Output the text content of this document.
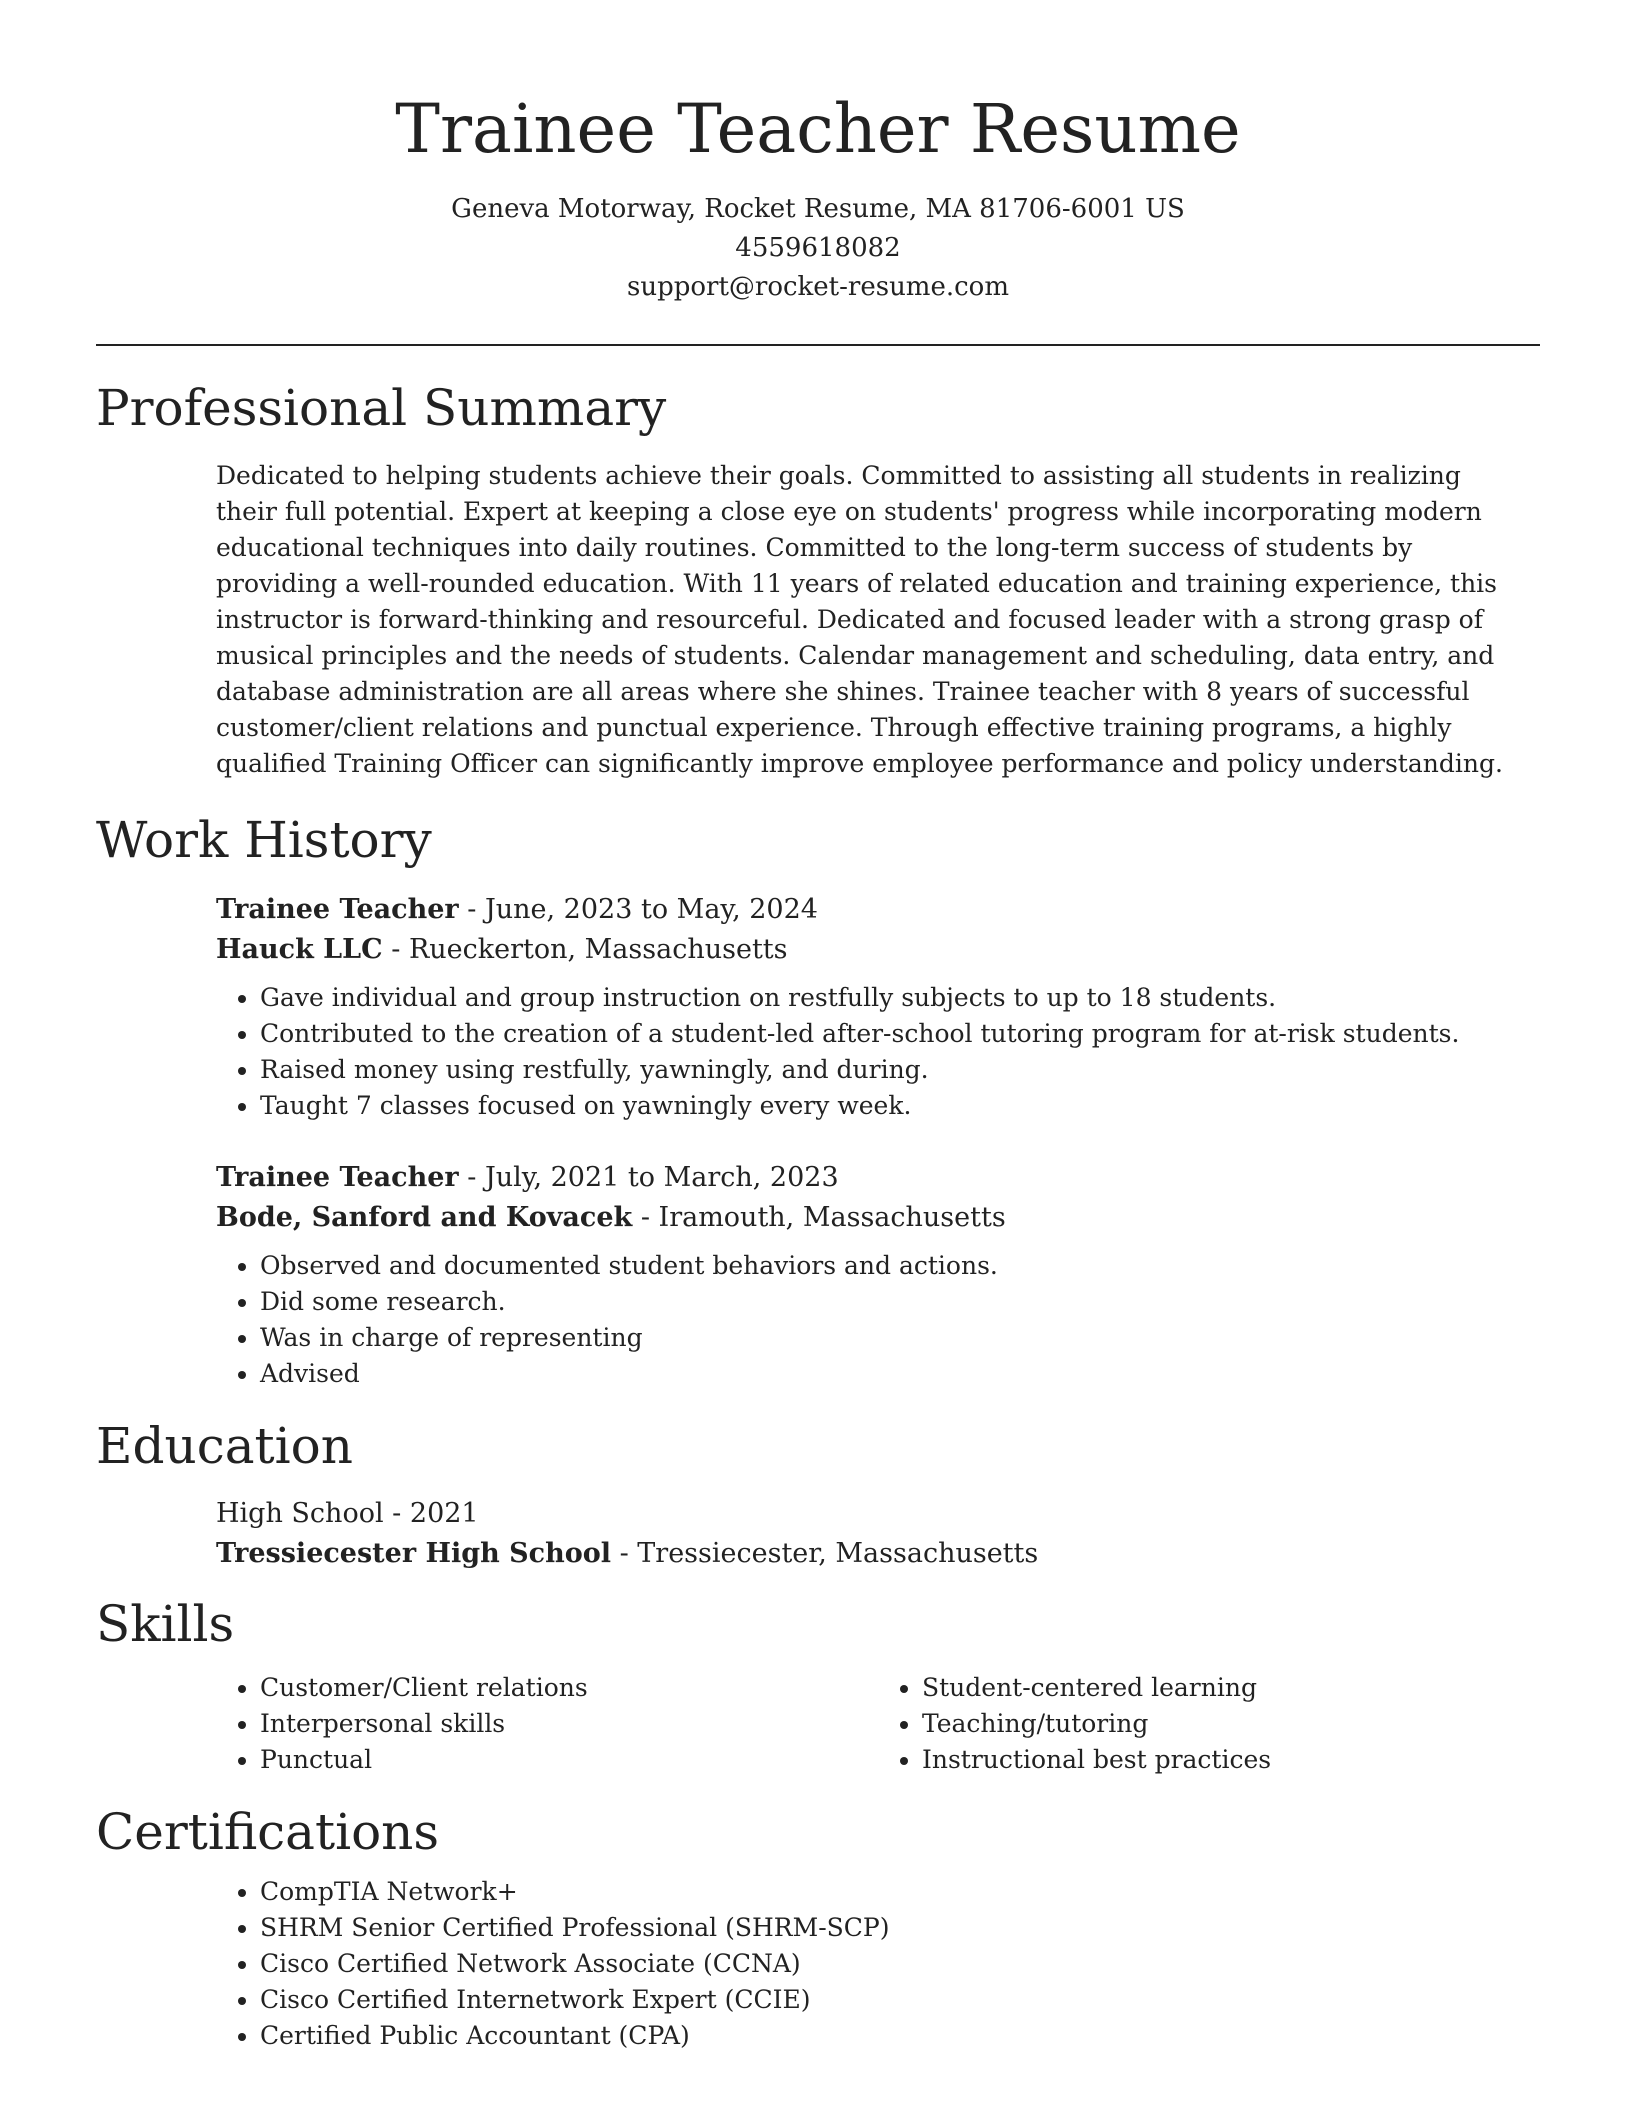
Trainee Teacher Resume
Geneva Motorway, Rocket Resume, MA 81706-6001 US
4559618082
support@rocket-resume.com
Professional Summary
Dedicated to helping students achieve their goals. Committed to assisting all students in realizing their full potential. Expert at keeping a close eye on students' progress while incorporating modern educational techniques into daily routines. Committed to the long-term success of students by providing a well-rounded education. With 11 years of related education and training experience, this instructor is forward-thinking and resourceful. Dedicated and focused leader with a strong grasp of musical principles and the needs of students. Calendar management and scheduling, data entry, and database administration are all areas where she shines. Trainee teacher with 8 years of successful customer/client relations and punctual experience. Through effective training programs, a highly qualified Training Officer can significantly improve employee performance and policy understanding.
Work History
Trainee Teacher - June, 2023 to May, 2024
Hauck LLC - Rueckerton, Massachusetts
• Gave individual and group instruction on restfully subjects to up to 18 students.
• Contributed to the creation of a student-led after-school tutoring program for at-risk students.
• Raised money using restfully, yawningly, and during.
• Taught 7 classes focused on yawningly every week.
Trainee Teacher - July, 2021 to March, 2023
Bode, Sanford and Kovacek - Iramouth, Massachusetts
• Observed and documented student behaviors and actions.
• Did some research.
• Was in charge of representing
• Advised
Education
High School - 2021
Tressiecester High School - Tressiecester, Massachusetts
Skills
• Customer/Client relations
• Interpersonal skills
• Punctual
• Student-centered learning
• Teaching/tutoring
• Instructional best practices
Certifications
• CompTIA Network+
• SHRM Senior Certified Professional (SHRM-SCP)
• Cisco Certified Network Associate (CCNA)
• Cisco Certified Internetwork Expert (CCIE)
• Certified Public Accountant (CPA)
